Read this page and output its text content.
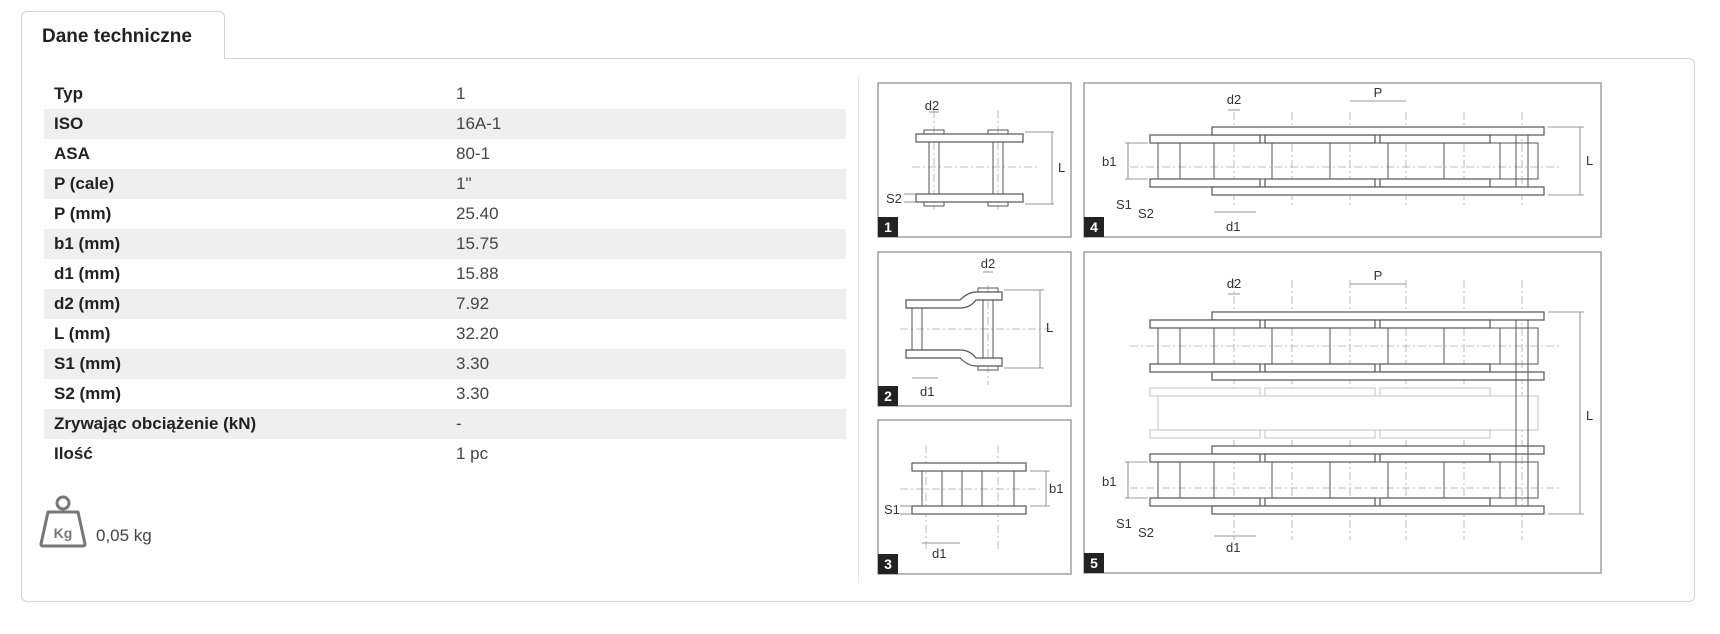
Dane techniczne
Typ	1
ISO	16A-1
ASA	80-1
P (cale)	1"
P (mm)	25.40
b1 (mm)	15.75
d1 (mm)	15.88
d2 (mm)	7.92
L (mm)	32.20
S1 (mm)	3.30
S2 (mm)	3.30
Zrywając obciążenie (kN)	-
Ilość	1 pc
Kg 0,05 kg
d2
L
S2
1
d2
L
d1
2
b1
S1
d1
3
d2	P
b1	L
S1
S2
d1
4
d2
P
L
b1
S1
S2
d1
5
